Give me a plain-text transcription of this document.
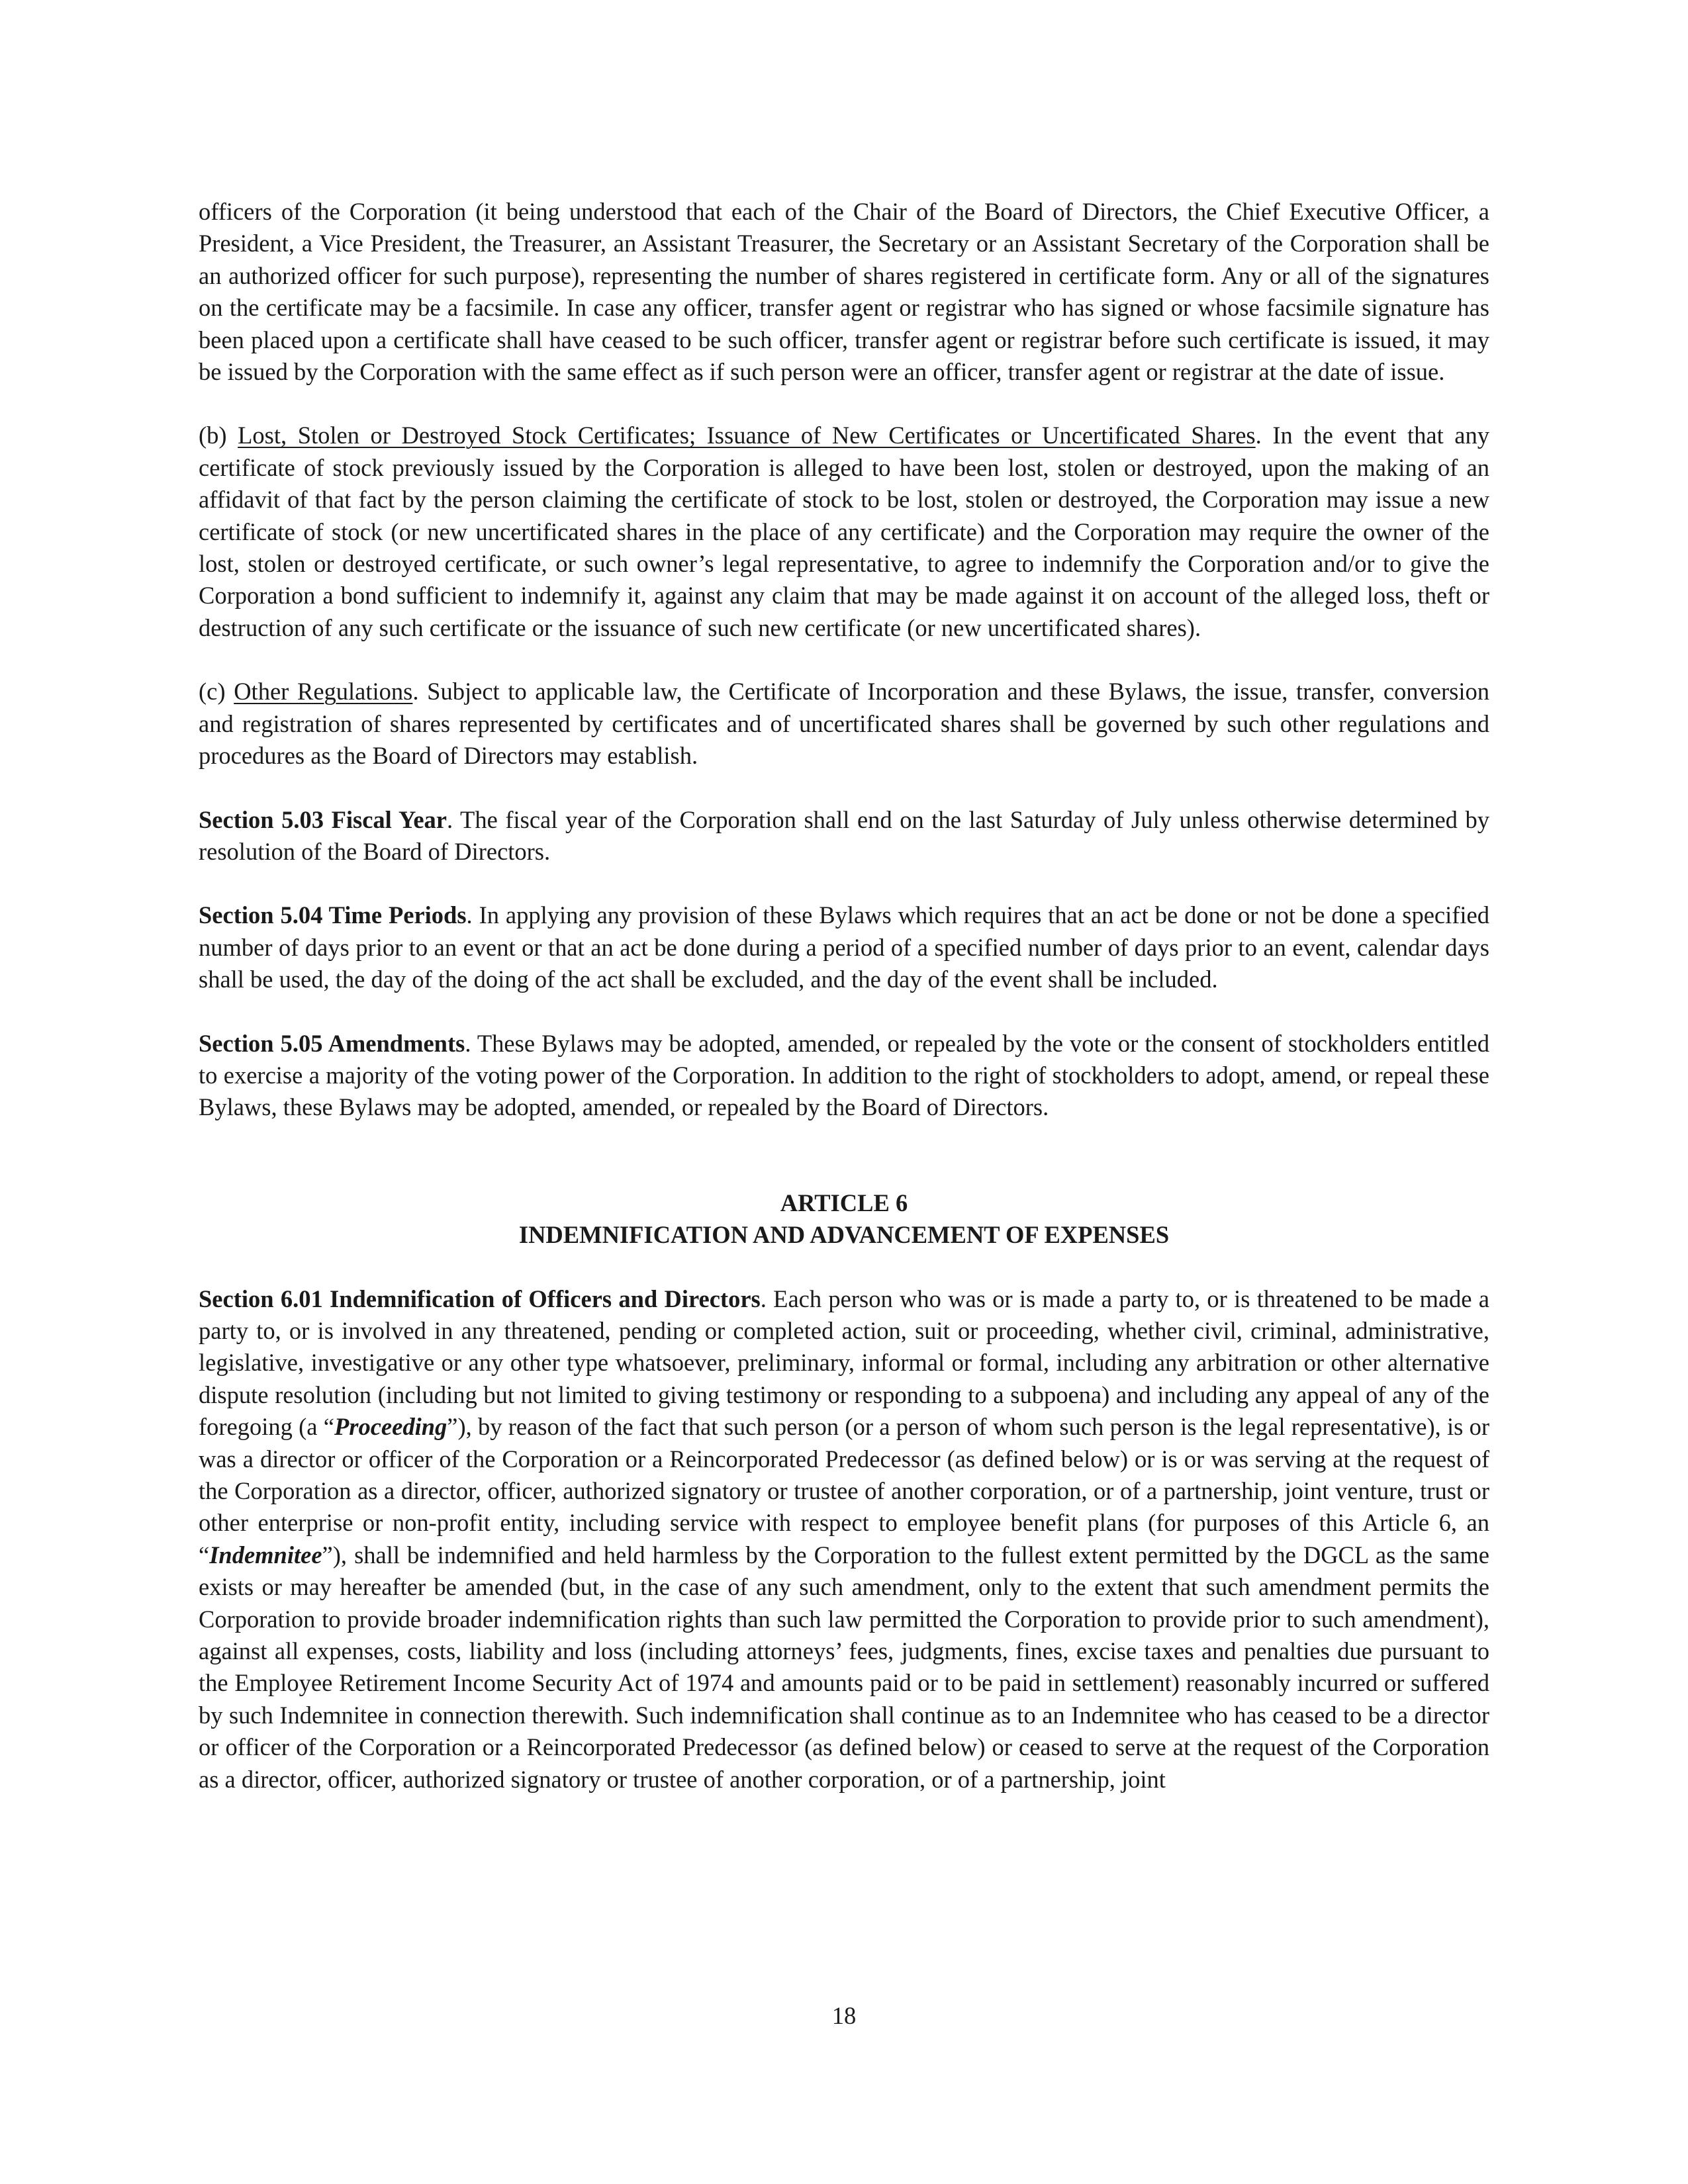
officers of the Corporation (it being understood that each of the Chair of the Board of Directors, the Chief Executive Officer, a President, a Vice President, the Treasurer, an Assistant Treasurer, the Secretary or an Assistant Secretary of the Corporation shall be an authorized officer for such purpose), representing the number of shares registered in certificate form. Any or all of the signatures on the certificate may be a facsimile. In case any officer, transfer agent or registrar who has signed or whose facsimile signature has been placed upon a certificate shall have ceased to be such officer, transfer agent or registrar before such certificate is issued, it may be issued by the Corporation with the same effect as if such person were an officer, transfer agent or registrar at the date of issue.

(b) Lost, Stolen or Destroyed Stock Certificates; Issuance of New Certificates or Uncertificated Shares. In the event that any certificate of stock previously issued by the Corporation is alleged to have been lost, stolen or destroyed, upon the making of an affidavit of that fact by the person claiming the certificate of stock to be lost, stolen or destroyed, the Corporation may issue a new certificate of stock (or new uncertificated shares in the place of any certificate) and the Corporation may require the owner of the lost, stolen or destroyed certificate, or such owner’s legal representative, to agree to indemnify the Corporation and/or to give the Corporation a bond sufficient to indemnify it, against any claim that may be made against it on account of the alleged loss, theft or destruction of any such certificate or the issuance of such new certificate (or new uncertificated shares).

(c) Other Regulations. Subject to applicable law, the Certificate of Incorporation and these Bylaws, the issue, transfer, conversion and registration of shares represented by certificates and of uncertificated shares shall be governed by such other regulations and procedures as the Board of Directors may establish.

Section 5.03 Fiscal Year. The fiscal year of the Corporation shall end on the last Saturday of July unless otherwise determined by resolution of the Board of Directors.

Section 5.04 Time Periods. In applying any provision of these Bylaws which requires that an act be done or not be done a specified number of days prior to an event or that an act be done during a period of a specified number of days prior to an event, calendar days shall be used, the day of the doing of the act shall be excluded, and the day of the event shall be included.

Section 5.05 Amendments. These Bylaws may be adopted, amended, or repealed by the vote or the consent of stockholders entitled to exercise a majority of the voting power of the Corporation. In addition to the right of stockholders to adopt, amend, or repeal these Bylaws, these Bylaws may be adopted, amended, or repealed by the Board of Directors.

ARTICLE 6
INDEMNIFICATION AND ADVANCEMENT OF EXPENSES

Section 6.01 Indemnification of Officers and Directors. Each person who was or is made a party to, or is threatened to be made a party to, or is involved in any threatened, pending or completed action, suit or proceeding, whether civil, criminal, administrative, legislative, investigative or any other type whatsoever, preliminary, informal or formal, including any arbitration or other alternative dispute resolution (including but not limited to giving testimony or responding to a subpoena) and including any appeal of any of the foregoing (a “Proceeding”), by reason of the fact that such person (or a person of whom such person is the legal representative), is or was a director or officer of the Corporation or a Reincorporated Predecessor (as defined below) or is or was serving at the request of the Corporation as a director, officer, authorized signatory or trustee of another corporation, or of a partnership, joint venture, trust or other enterprise or non-profit entity, including service with respect to employee benefit plans (for purposes of this Article 6, an “Indemnitee”), shall be indemnified and held harmless by the Corporation to the fullest extent permitted by the DGCL as the same exists or may hereafter be amended (but, in the case of any such amendment, only to the extent that such amendment permits the Corporation to provide broader indemnification rights than such law permitted the Corporation to provide prior to such amendment), against all expenses, costs, liability and loss (including attorneys’ fees, judgments, fines, excise taxes and penalties due pursuant to the Employee Retirement Income Security Act of 1974 and amounts paid or to be paid in settlement) reasonably incurred or suffered by such Indemnitee in connection therewith. Such indemnification shall continue as to an Indemnitee who has ceased to be a director or officer of the Corporation or a Reincorporated Predecessor (as defined below) or ceased to serve at the request of the Corporation as a director, officer, authorized signatory or trustee of another corporation, or of a partnership, joint

18
